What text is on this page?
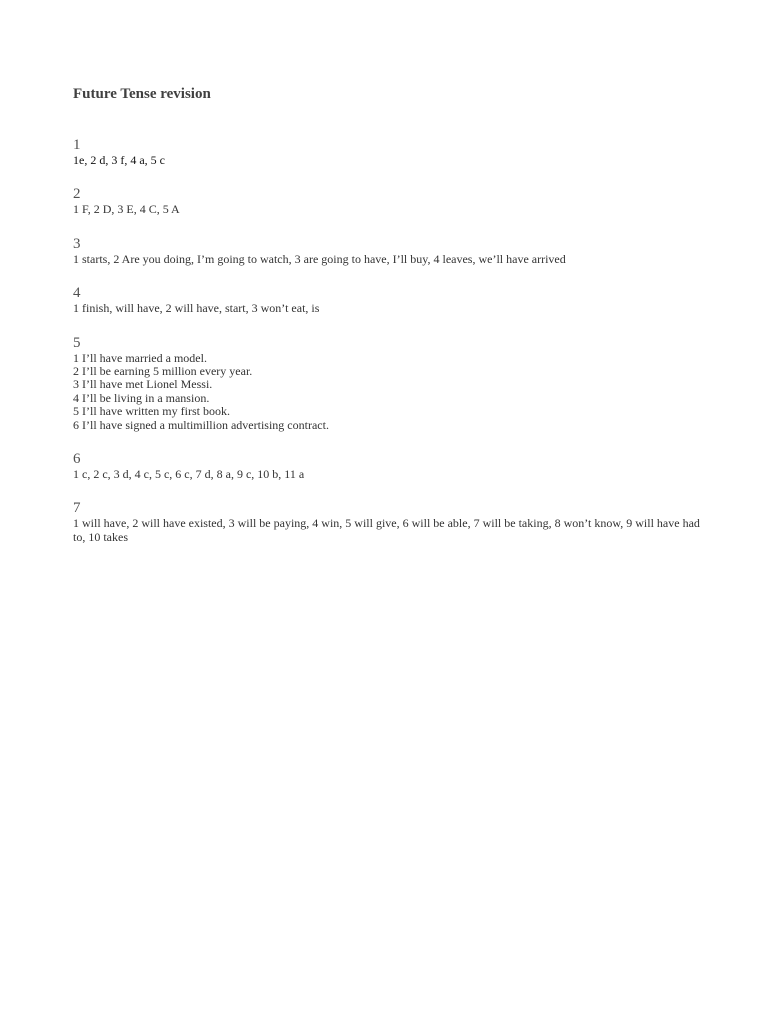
Future Tense revision
1
1e, 2 d, 3 f, 4 a, 5 c
2
1 F, 2 D, 3 E, 4 C, 5 A
3
1 starts, 2 Are you doing, I’m going to watch, 3 are going to have, I’ll buy, 4 leaves, we’ll have arrived
4
1 finish, will have, 2 will have, start, 3 won’t eat, is
5
1 I’ll have married a model.
2 I’ll be earning 5 million every year.
3 I’ll have met Lionel Messi.
4 I’ll be living in a mansion.
5 I’ll have written my first book.
6 I’ll have signed a multimillion advertising contract.
6
1 c, 2 c, 3 d, 4 c, 5 c, 6 c, 7 d, 8 a, 9 c, 10 b, 11 a
7
1 will have, 2 will have existed, 3 will be paying, 4 win, 5 will give, 6 will be able, 7 will be taking, 8 won’t know, 9 will have had to, 10 takes
